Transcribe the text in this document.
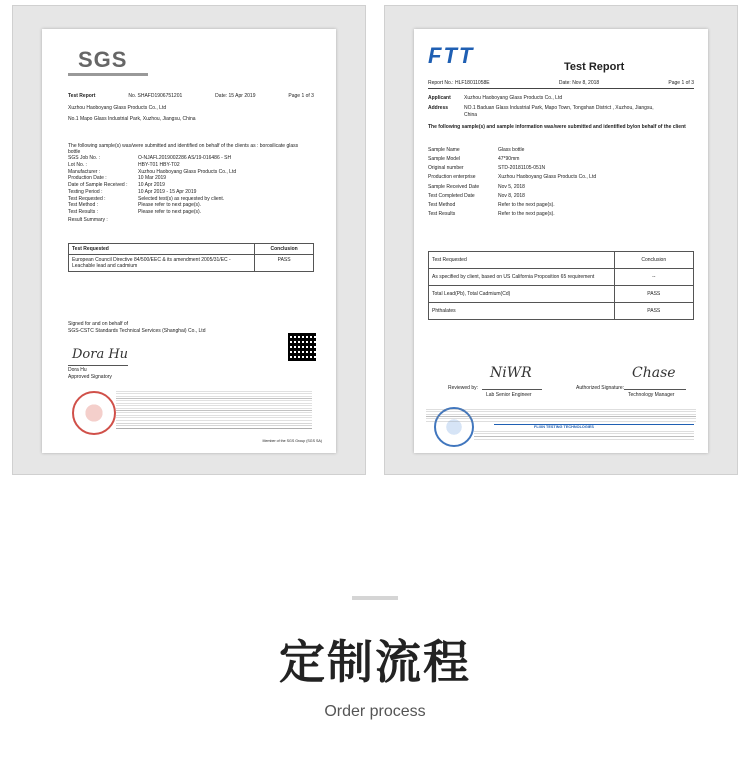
SGS
Test Report	No. SHAFD1906751201	Date: 15 Apr 2019	Page 1 of 3
Xuzhou Haoboyang Glass Products Co., Ltd
No.1 Mapo Glass Industrial Park, Xuzhou, Jiangsu, China
The following sample(s) was/were submitted and identified on behalf of the clients as : borosilicate glass bottle
SGS Job No. :	O-NJAFL2019002286 AS/19-016486 - SH
Lot No. :	HBY-T01 HBY-T02
Manufacturer :	Xuzhou Haoboyang Glass Products Co., Ltd
Production Date :	10 Mar 2019
Date of Sample Received :	10 Apr 2019
Testing Period :	10 Apr 2019 - 15 Apr 2019
Test Requested :	Selected test(s) as requested by client.
Test Method :	Please refer to next page(s).
Test Results :	Please refer to next page(s).
Result Summary :
Test Requested	Conclusion
European Council Directive 84/500/EEC & its amendment 2005/31/EC -Leachable lead and cadmium	PASS
Signed for and on behalf of
SGS-CSTC Standards Technical Services (Shanghai) Co., Ltd
Dora Hu
Dora Hu
Approved Signatory
Member of the SGS Group (SGS SA)
FTT	Test Report
Report No.: HLF18011058E	Date: Nov 8, 2018	Page 1 of 3
Applicant	Xuzhou Haoboyang Glass Products Co., Ltd
Address	NO.1 Baduan Glass Industrial Park, Mapo Town, Tongshan District , Xuzhou, Jiangsu, China
The following sample(s) and sample information was/were submitted and identified by/on behalf of the client
Sample Name	Glass bottle
Sample Model	47*90mm
Original number	STD-20181105-051N
Production enterprise	Xuzhou Haoboyang Glass Products Co., Ltd
Sample Received Date	Nov 5, 2018
Test Completed Date	Nov 8, 2018
Test Method	Refer to the next page(s).
Test Results	Refer to the next page(s).
Test Requested	Conclusion
As specified by client, based on US California Proposition 65 requirement	--
Total Lead(Pb), Total Cadmium(Cd)	PASS
Phthalates	PASS
Reviewed by:
NiWR
Lab Senior Engineer
Authorized Signature:
Chase
Technology Manager
FLIXN TESTING TECHNOLOGIES
定制流程
Order process
